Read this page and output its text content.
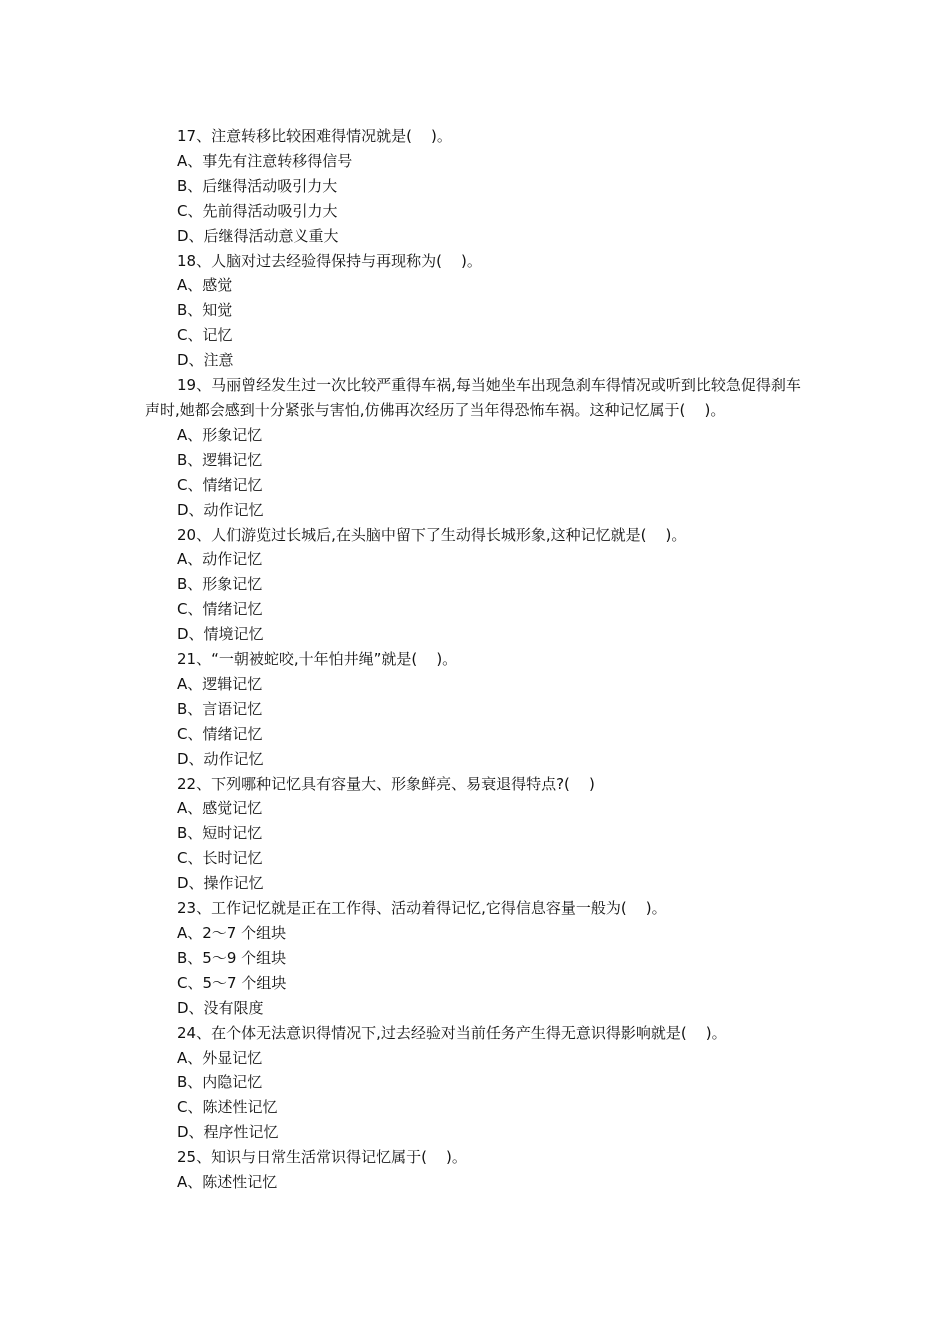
17、注意转移比较困难得情况就是(    )。
A、事先有注意转移得信号
B、后继得活动吸引力大
C、先前得活动吸引力大
D、后继得活动意义重大
18、人脑对过去经验得保持与再现称为(    )。
A、感觉
B、知觉
C、记忆
D、注意
19、马丽曾经发生过一次比较严重得车祸,每当她坐车出现急刹车得情况或听到比较急促得刹车声时,她都会感到十分紧张与害怕,仿佛再次经历了当年得恐怖车祸。这种记忆属于(    )。
A、形象记忆
B、逻辑记忆
C、情绪记忆
D、动作记忆
20、人们游览过长城后,在头脑中留下了生动得长城形象,这种记忆就是(    )。
A、动作记忆
B、形象记忆
C、情绪记忆
D、情境记忆
21、“一朝被蛇咬,十年怕井绳”就是(    )。
A、逻辑记忆
B、言语记忆
C、情绪记忆
D、动作记忆
22、下列哪种记忆具有容量大、形象鲜亮、易衰退得特点?(    )
A、感觉记忆
B、短时记忆
C、长时记忆
D、操作记忆
23、工作记忆就是正在工作得、活动着得记忆,它得信息容量一般为(    )。
A、2～7 个组块
B、5～9 个组块
C、5～7 个组块
D、没有限度
24、在个体无法意识得情况下,过去经验对当前任务产生得无意识得影响就是(    )。
A、外显记忆
B、内隐记忆
C、陈述性记忆
D、程序性记忆
25、知识与日常生活常识得记忆属于(    )。
A、陈述性记忆
